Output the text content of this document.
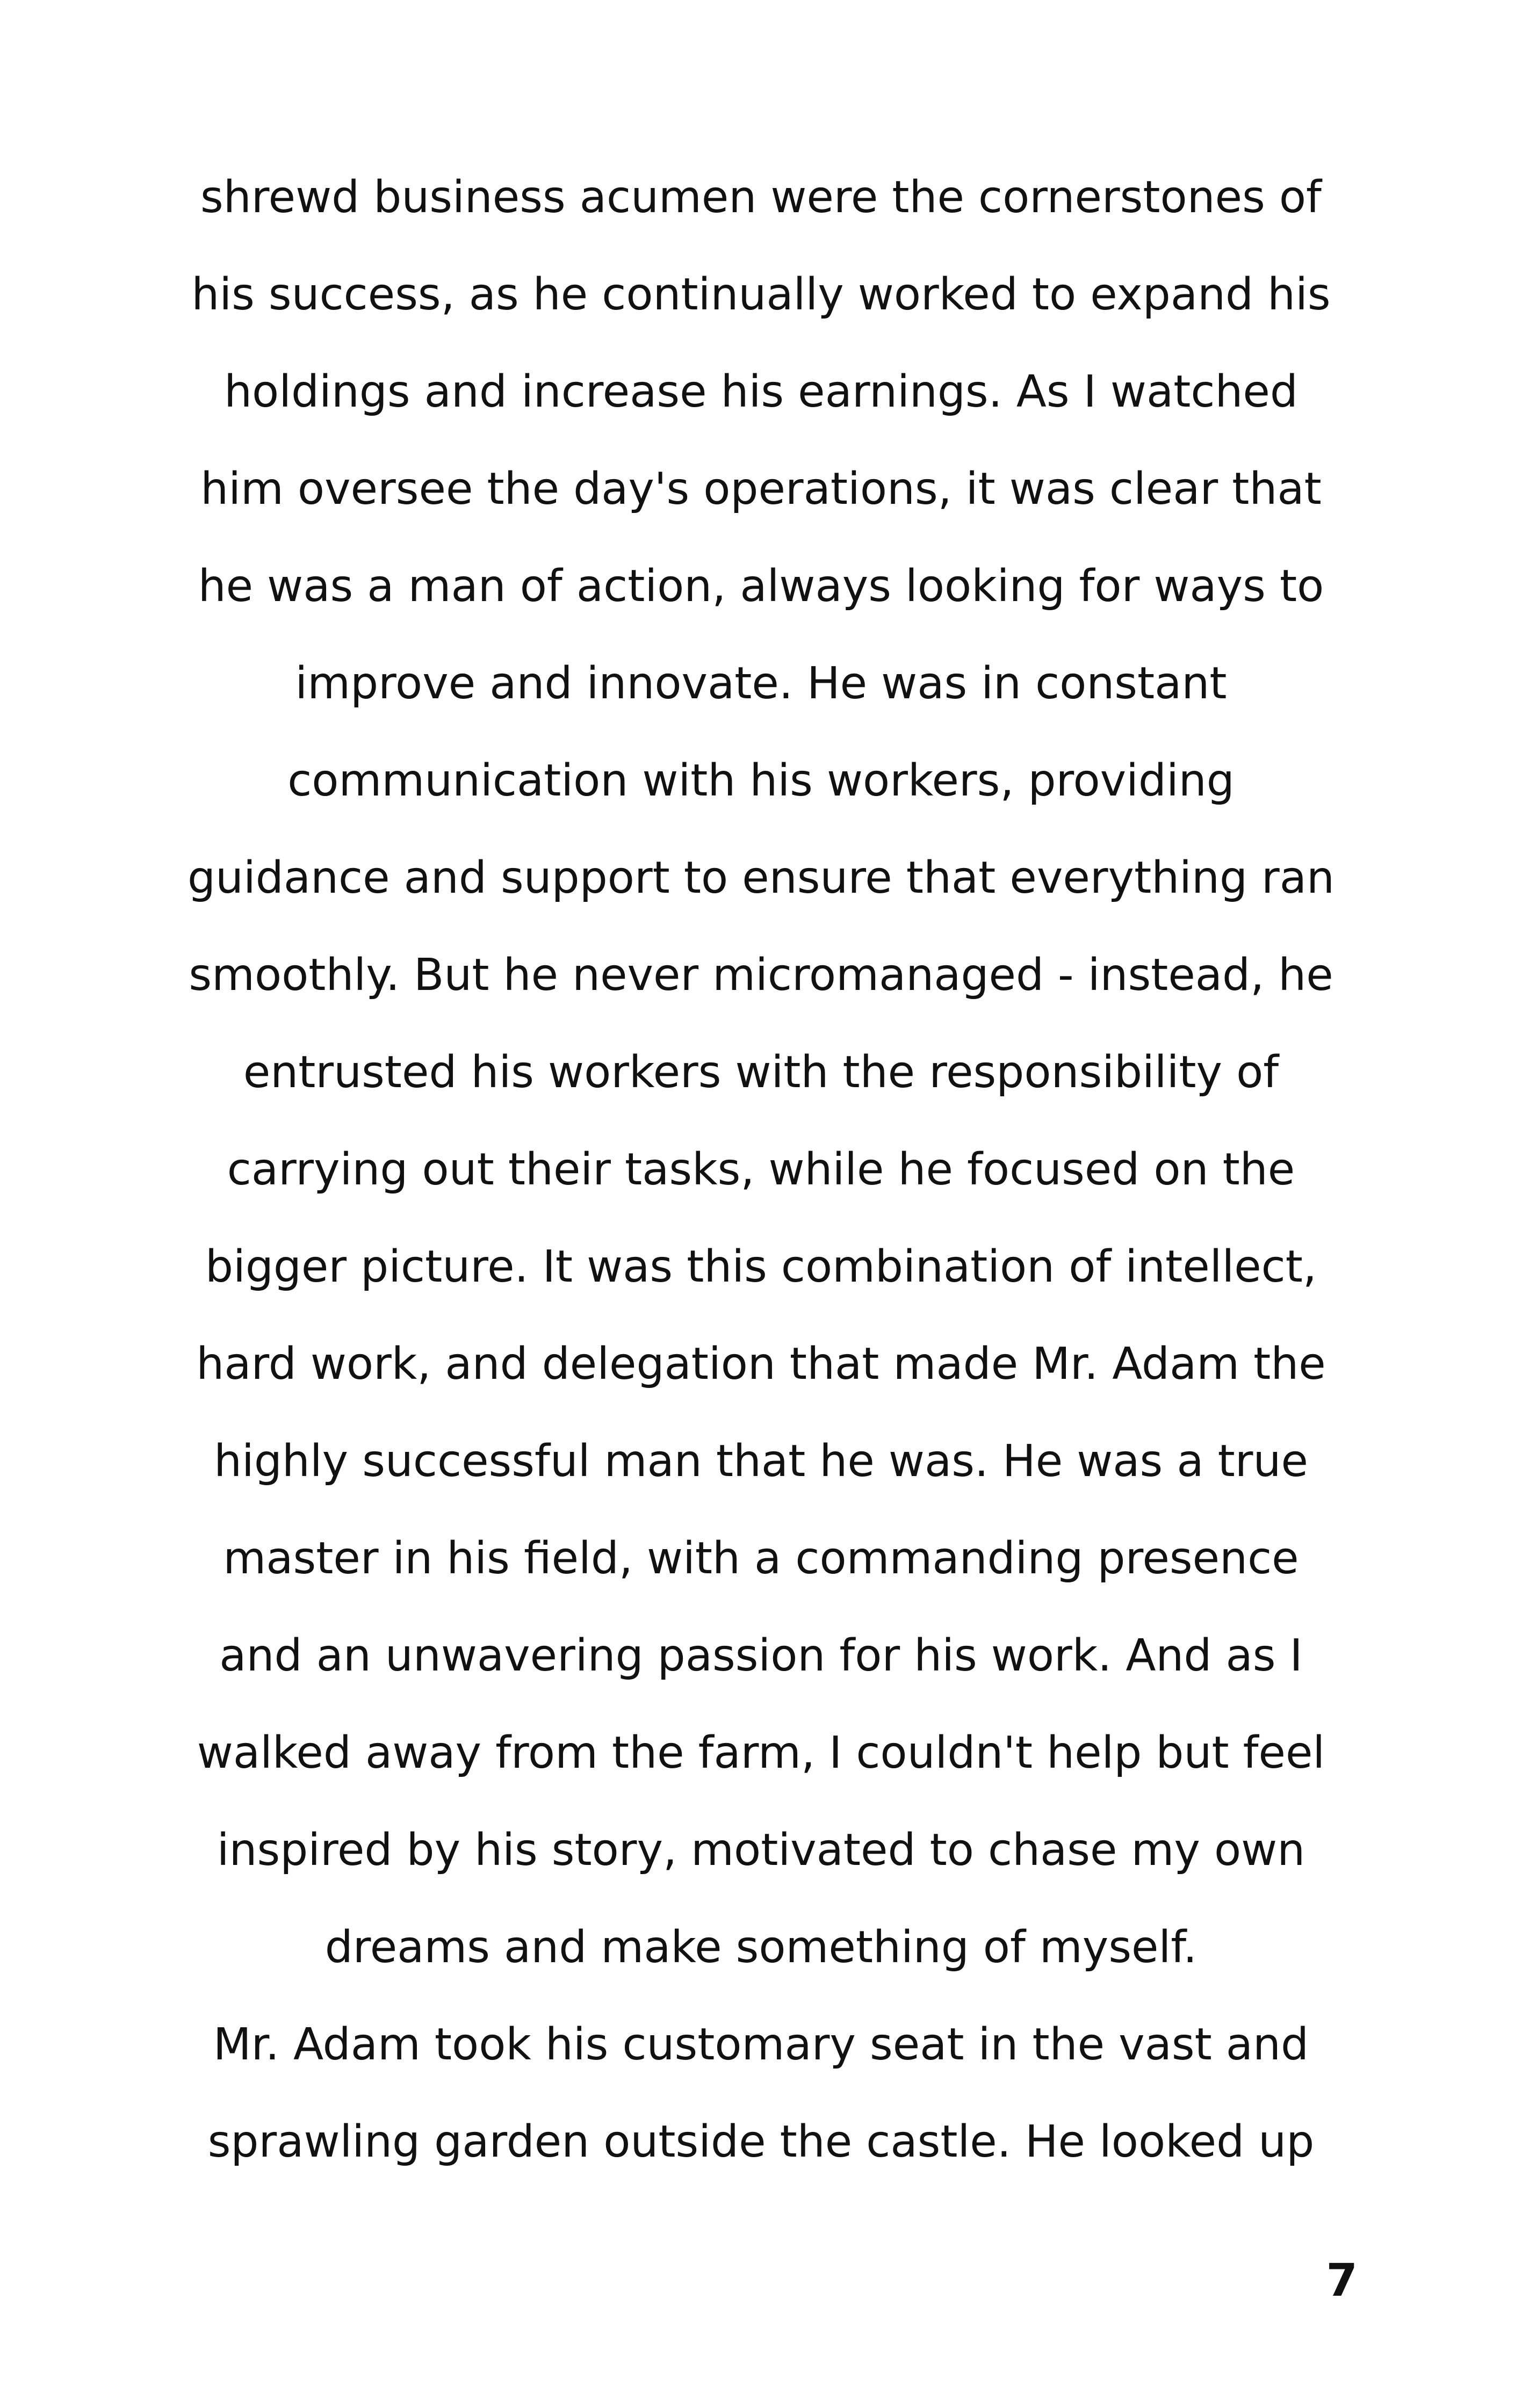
shrewd business acumen were the cornerstones of
his success, as he continually worked to expand his
holdings and increase his earnings. As I watched
him oversee the day's operations, it was clear that
he was a man of action, always looking for ways to
improve and innovate. He was in constant
communication with his workers, providing
guidance and support to ensure that everything ran
smoothly. But he never micromanaged - instead, he
entrusted his workers with the responsibility of
carrying out their tasks, while he focused on the
bigger picture. It was this combination of intellect,
hard work, and delegation that made Mr. Adam the
highly successful man that he was. He was a true
master in his field, with a commanding presence
and an unwavering passion for his work. And as I
walked away from the farm, I couldn't help but feel
inspired by his story, motivated to chase my own
dreams and make something of myself.
Mr. Adam took his customary seat in the vast and
sprawling garden outside the castle. He looked up
7
